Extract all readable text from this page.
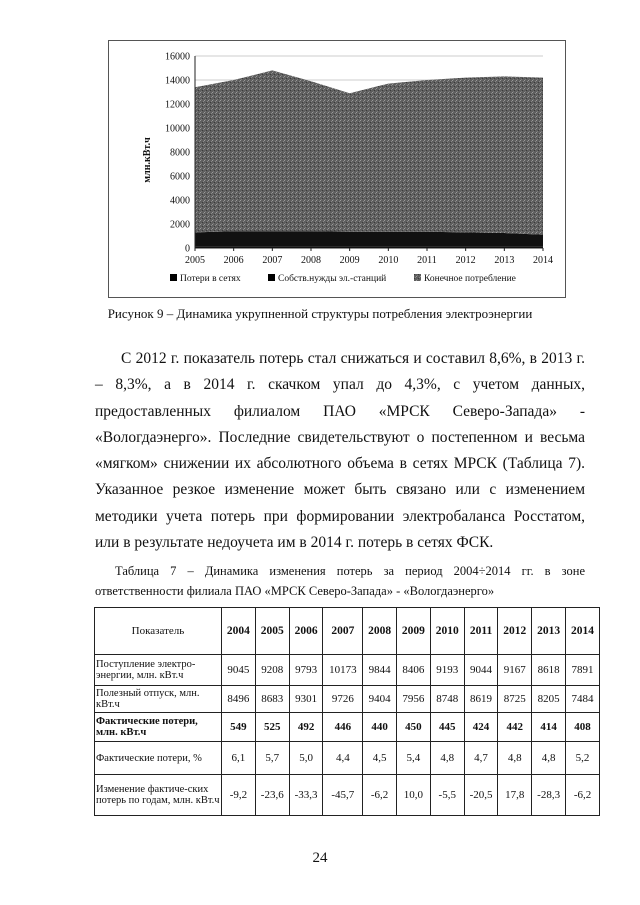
0
2000
4000
6000
8000
10000
12000
14000
16000
2005 2006 2007 2008 2009 2010 2011 2012 2013 2014
млн.кВт.ч
Потери в сетях	Собств.нужды эл.-станций	Конечное потребление
Рисунок 9 – Динамика укрупненной структуры потребления электроэнергии

С 2012 г. показатель потерь стал снижаться и составил 8,6%, в 2013 г. – 8,3%, а в 2014 г. скачком упал до 4,3%, с учетом данных, предоставленных филиалом ПАО «МРСК Северо-Запада» - «Вологдаэнерго». Последние свидетельствуют о постепенном и весьма «мягком» снижении их абсолютного объема в сетях МРСК (Таблица 7). Указанное резкое изменение может быть связано или с изменением методики учета потерь при формировании электробаланса Росстатом, или в результате недоучета им в 2014 г. потерь в сетях ФСК.

Таблица 7 – Динамика изменения потерь за период 2004÷2014 гг. в зоне ответственности филиала ПАО «МРСК Северо-Запада» - «Вологдаэнерго»

Показатель	2004	2005	2006	2007	2008	2009	2010	2011	2012	2013	2014
Поступление электро-энергии, млн. кВт.ч	9045	9208	9793	10173	9844	8406	9193	9044	9167	8618	7891
Полезный отпуск, млн. кВт.ч	8496	8683	9301	9726	9404	7956	8748	8619	8725	8205	7484
Фактические потери, млн. кВт.ч	549	525	492	446	440	450	445	424	442	414	408
Фактические потери, %	6,1	5,7	5,0	4,4	4,5	5,4	4,8	4,7	4,8	4,8	5,2
Изменение фактиче-ских потерь по годам, млн. кВт.ч	-9,2	-23,6	-33,3	-45,7	-6,2	10,0	-5,5	-20,5	17,8	-28,3	-6,2
24
